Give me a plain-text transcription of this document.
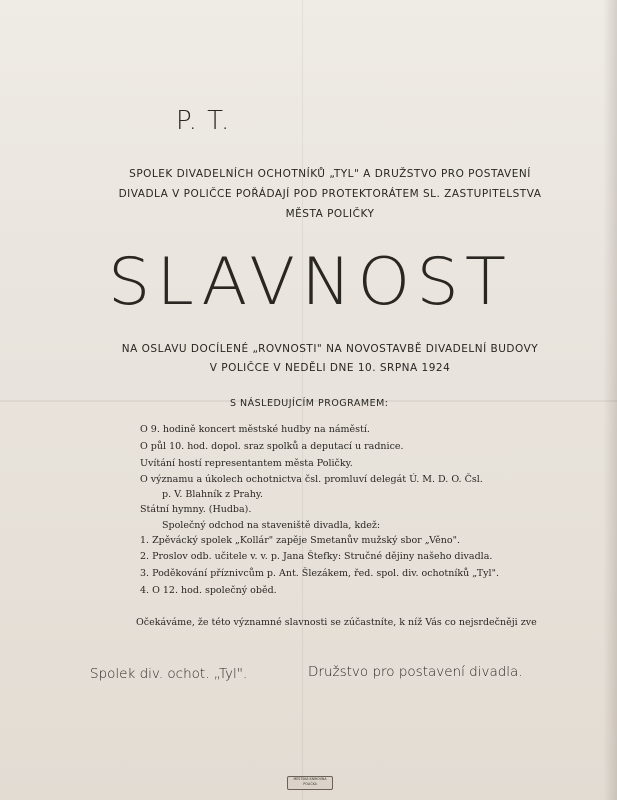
P. T.
SPOLEK DIVADELNÍCH OCHOTNÍKŮ „TYL" A DRUŽSTVO PRO POSTAVENÍ
DIVADLA V POLIČCE POŘÁDAJÍ POD PROTEKTORÁTEM SL. ZASTUPITELSTVA
MĚSTA POLIČKY
SLAVNOST
NA OSLAVU DOCÍLENÉ „ROVNOSTI" NA NOVOSTAVBĚ DIVADELNÍ BUDOVY
V POLIČCE V NEDĚLI DNE 10. SRPNA 1924
S NÁSLEDUJÍCÍM PROGRAMEM:
O 9. hodině koncert městské hudby na náměstí.
O půl 10. hod. dopol. sraz spolků a deputací u radnice.
Uvítání hostí representantem města Poličky.
O významu a úkolech ochotnictva čsl. promluví delegát Ú. M. D. O. Čsl.
p. V. Blahník z Prahy.
Státní hymny. (Hudba).
Společný odchod na staveniště divadla, kdež:
1. Zpěvácký spolek „Kollár" zapěje Smetanův mužský sbor „Věno".
2. Proslov odb. učitele v. v. p. Jana Štefky: Stručné dějiny našeho divadla.
3. Poděkování příznivcům p. Ant. Šlezákem, řed. spol. div. ochotníků „Tyl".
4. O 12. hod. společný oběd.
Očekáváme, že této významné slavnosti se zúčastníte, k níž Vás co nejsrdečněji zve
Spolek div. ochot. „Tyl".	Družstvo pro postavení divadla.
MĚSTSKÁ KNIHOVNA
POLIČKA
